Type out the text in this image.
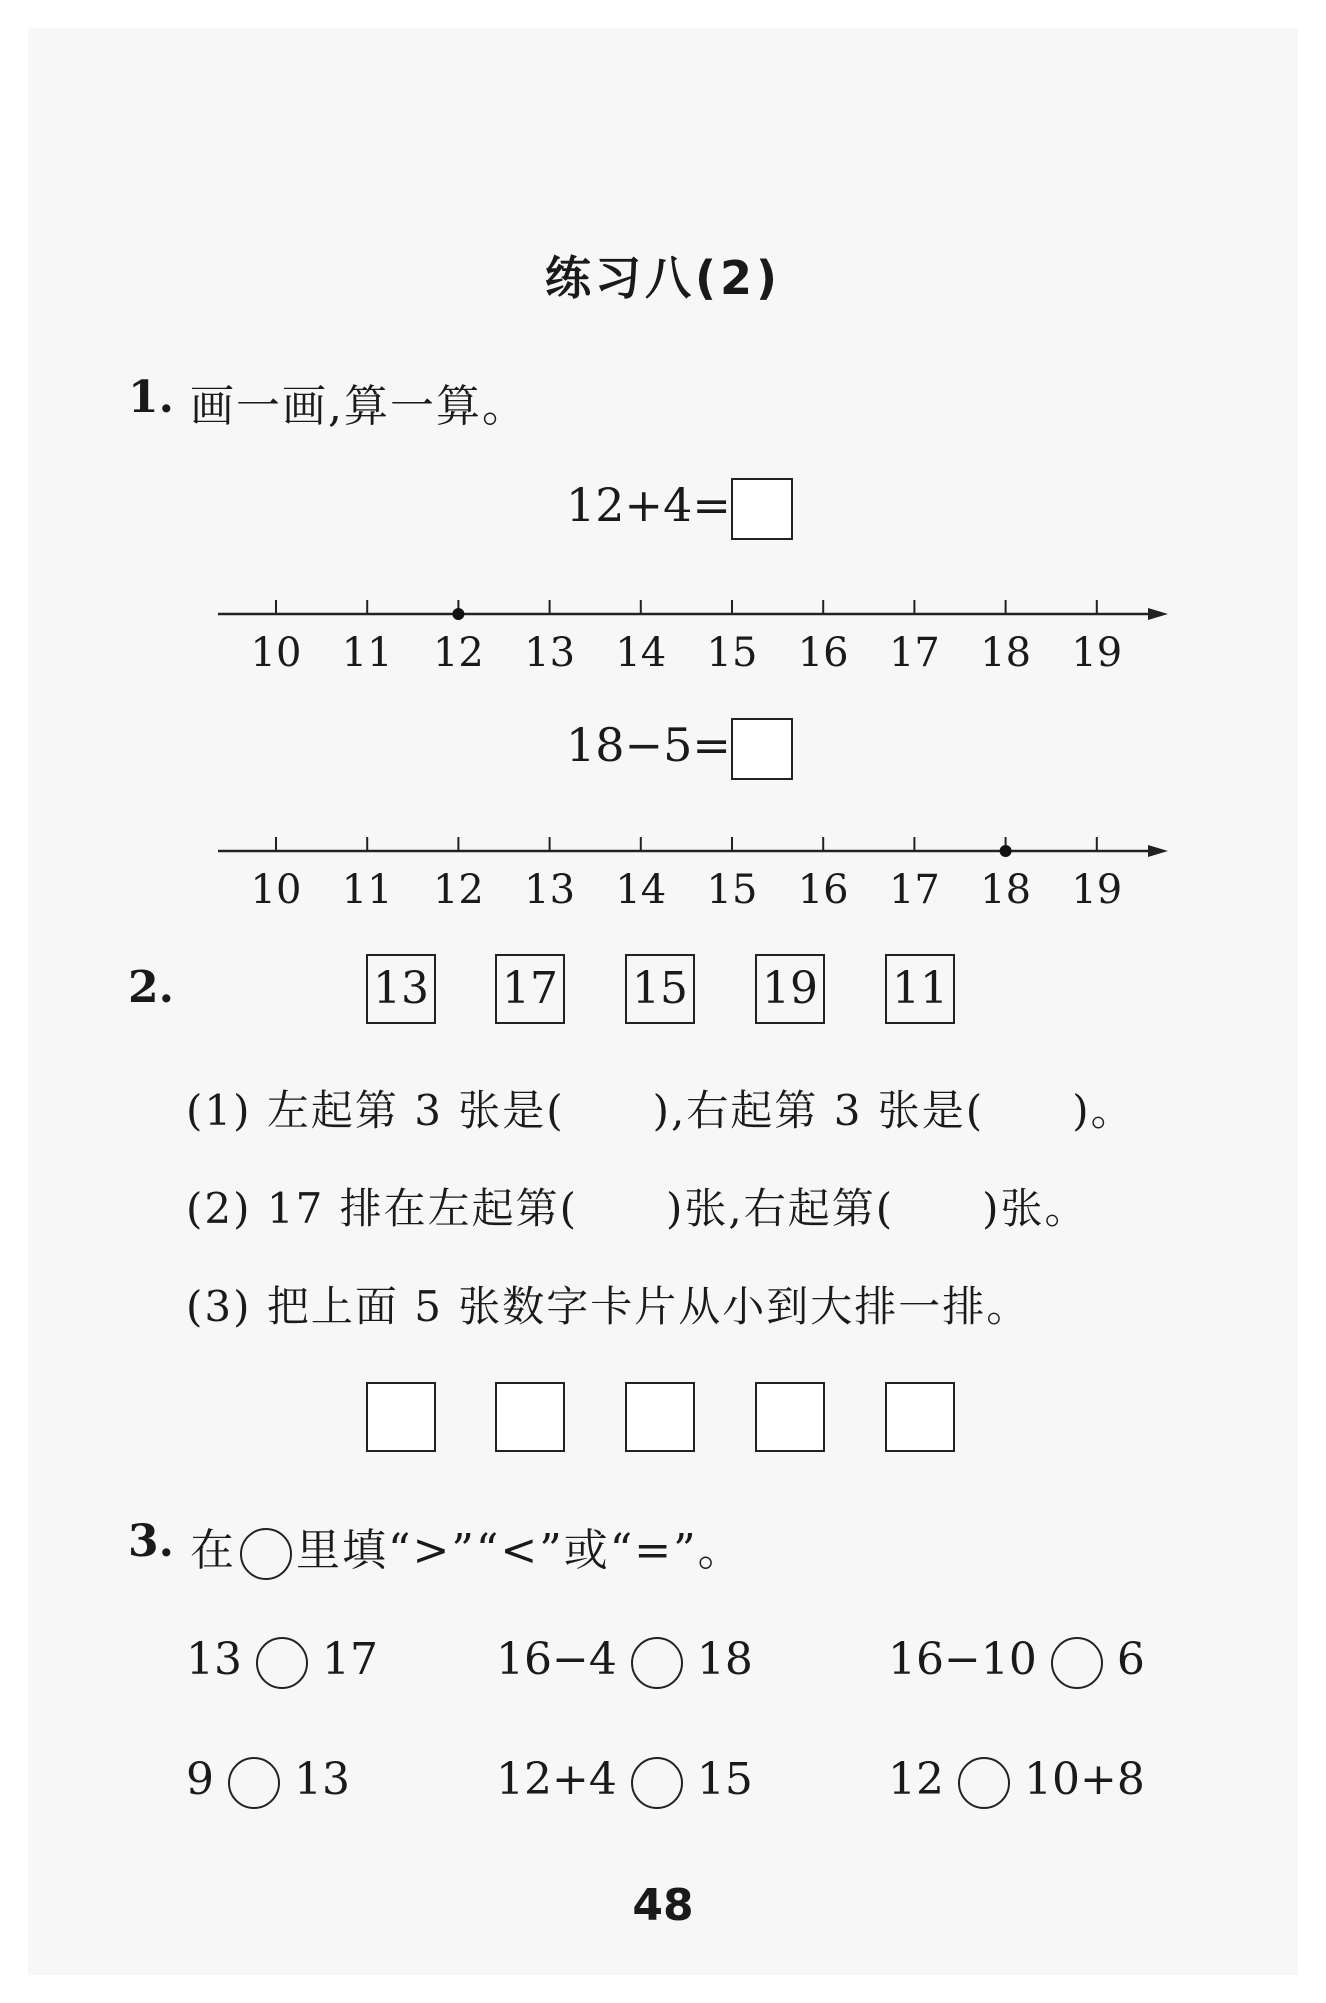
练习八(2)
1. 画一画,算一算。
12+4=
10 11 12 13 14 15 16 17 18 19
18−5=
10 11 12 13 14 15 16 17 18 19
2.	13 17 15 19 11
(1) 左起第 3 张是(　　),右起第 3 张是(　　)。
(2) 17 排在左起第(　　)张,右起第(　　)张。
(3) 把上面 5 张数字卡片从小到大排一排。
3. 在 里填“>”“<”或“=”。
13 17	16−4 18	16−10 6
9 13	12+4 15	12 10+8
48
